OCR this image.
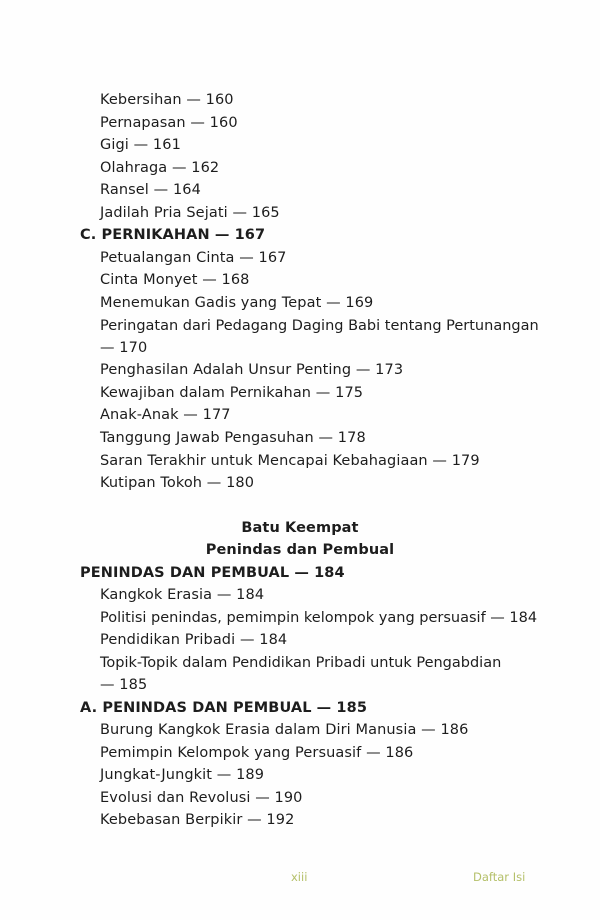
Kebersihan — 160
Pernapasan — 160
Gigi — 161
Olahraga — 162
Ransel — 164
Jadilah Pria Sejati — 165
C. PERNIKAHAN — 167
Petualangan Cinta — 167
Cinta Monyet — 168
Menemukan Gadis yang Tepat — 169
Peringatan dari Pedagang Daging Babi tentang Pertunangan
— 170
Penghasilan Adalah Unsur Penting — 173
Kewajiban dalam Pernikahan — 175
Anak-Anak — 177
Tanggung Jawab Pengasuhan — 178
Saran Terakhir untuk Mencapai Kebahagiaan — 179
Kutipan Tokoh — 180
Batu Keempat
Penindas dan Pembual
PENINDAS DAN PEMBUAL — 184
Kangkok Erasia — 184
Politisi penindas, pemimpin kelompok yang persuasif — 184
Pendidikan Pribadi — 184
Topik-Topik dalam Pendidikan Pribadi untuk Pengabdian
— 185
A. PENINDAS DAN PEMBUAL — 185
Burung Kangkok Erasia dalam Diri Manusia — 186
Pemimpin Kelompok yang Persuasif — 186
Jungkat-Jungkit — 189
Evolusi dan Revolusi — 190
Kebebasan Berpikir — 192
xiii	Daftar Isi
